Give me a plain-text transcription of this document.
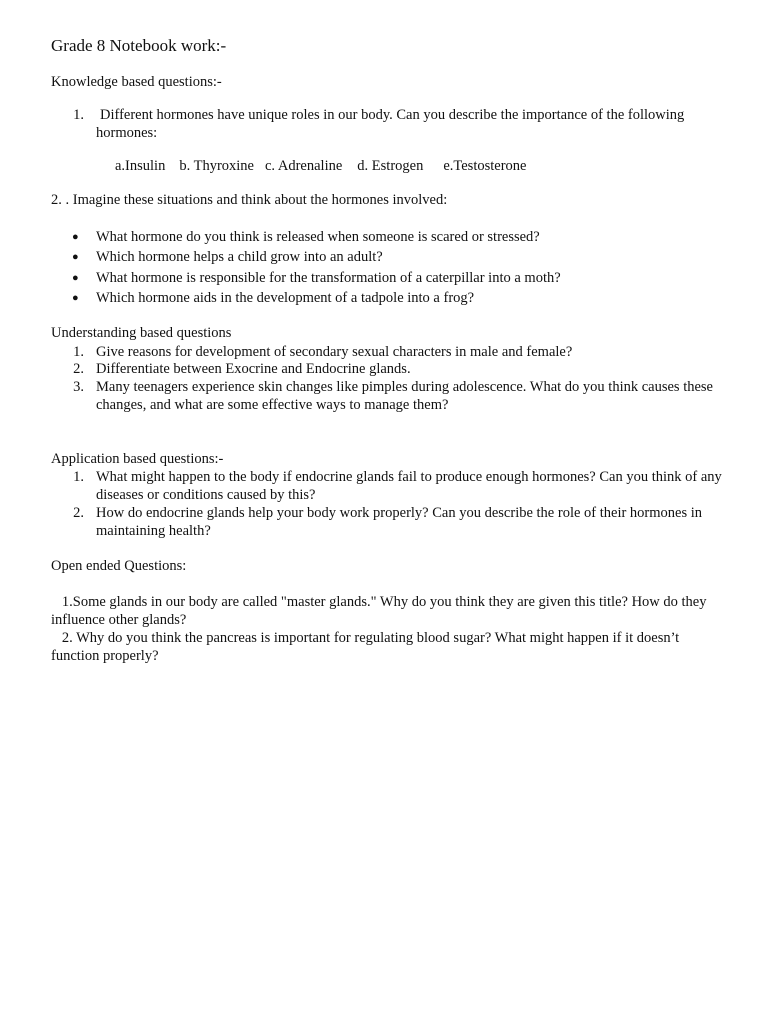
Grade 8 Notebook work:-
Knowledge based questions:-
1. Different hormones have unique roles in our body. Can you describe the importance of the following hormones:
a.Insulin b. Thyroxine c. Adrenaline d. Estrogen e.Testosterone
2. . Imagine these situations and think about the hormones involved:
● What hormone do you think is released when someone is scared or stressed?
● Which hormone helps a child grow into an adult?
● What hormone is responsible for the transformation of a caterpillar into a moth?
● Which hormone aids in the development of a tadpole into a frog?
Understanding based questions
1. Give reasons for development of secondary sexual characters in male and female?
2. Differentiate between Exocrine and Endocrine glands.
3. Many teenagers experience skin changes like pimples during adolescence. What do you think causes these changes, and what are some effective ways to manage them?
Application based questions:-
1. What might happen to the body if endocrine glands fail to produce enough hormones? Can you think of any diseases or conditions caused by this?
2. How do endocrine glands help your body work properly? Can you describe the role of their hormones in maintaining health?
Open ended Questions:
1.Some glands in our body are called "master glands." Why do you think they are given this title? How do they influence other glands?
2. Why do you think the pancreas is important for regulating blood sugar? What might happen if it doesn’t function properly?
